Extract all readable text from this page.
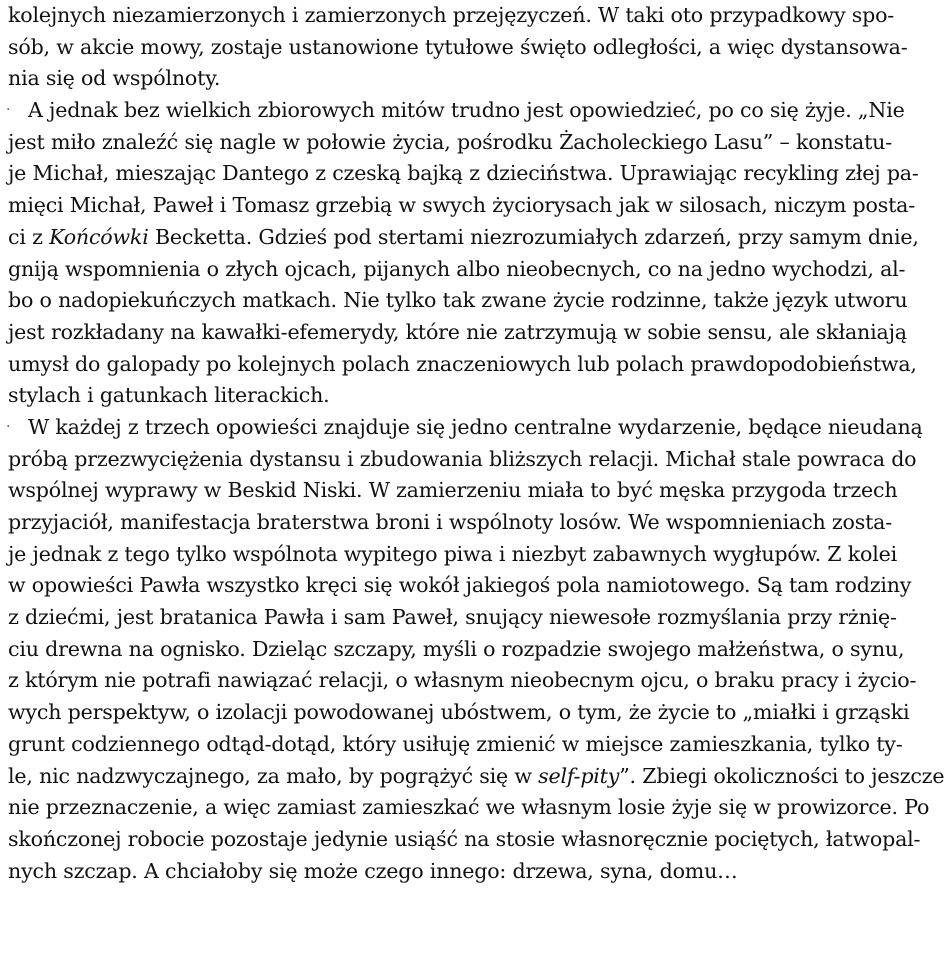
kolejnych niezamierzonych i zamierzonych przejęzyczeń. W taki oto przypadkowy spo-
sób, w akcie mowy, zostaje ustanowione tytułowe święto odległości, a więc dystansowa-
nia się od wspólnoty.
· A jednak bez wielkich zbiorowych mitów trudno jest opowiedzieć, po co się żyje. „Nie
jest miło znaleźć się nagle w połowie życia, pośrodku Żacholeckiego Lasu” – konstatu-
je Michał, mieszając Dantego z czeską bajką z dzieciństwa. Uprawiając recykling złej pa-
mięci Michał, Paweł i Tomasz grzebią w swych życiorysach jak w silosach, niczym posta-
ci z Końcówki Becketta. Gdzieś pod stertami niezrozumiałych zdarzeń, przy samym dnie,
gniją wspomnienia o złych ojcach, pijanych albo nieobecnych, co na jedno wychodzi, al-
bo o nadopiekuńczych matkach. Nie tylko tak zwane życie rodzinne, także język utworu
jest rozkładany na kawałki-efemerydy, które nie zatrzymują w sobie sensu, ale skłaniają
umysł do galopady po kolejnych polach znaczeniowych lub polach prawdopodobieństwa,
stylach i gatunkach literackich.
· W każdej z trzech opowieści znajduje się jedno centralne wydarzenie, będące nieudaną
próbą przezwyciężenia dystansu i zbudowania bliższych relacji. Michał stale powraca do
wspólnej wyprawy w Beskid Niski. W zamierzeniu miała to być męska przygoda trzech
przyjaciół, manifestacja braterstwa broni i wspólnoty losów. We wspomnieniach zosta-
je jednak z tego tylko wspólnota wypitego piwa i niezbyt zabawnych wygłupów. Z kolei
w opowieści Pawła wszystko kręci się wokół jakiegoś pola namiotowego. Są tam rodziny
z dziećmi, jest bratanica Pawła i sam Paweł, snujący niewesołe rozmyślania przy rżnię-
ciu drewna na ognisko. Dzieląc szczapy, myśli o rozpadzie swojego małżeństwa, o synu,
z którym nie potrafi nawiązać relacji, o własnym nieobecnym ojcu, o braku pracy i życio-
wych perspektyw, o izolacji powodowanej ubóstwem, o tym, że życie to „miałki i grząski
grunt codziennego odtąd-dotąd, który usiłuję zmienić w miejsce zamieszkania, tylko ty-
le, nic nadzwyczajnego, za mało, by pogrążyć się w self-pity”. Zbiegi okoliczności to jeszcze
nie przeznaczenie, a więc zamiast zamieszkać we własnym losie żyje się w prowizorce. Po
skończonej robocie pozostaje jedynie usiąść na stosie własnoręcznie pociętych, łatwopal-
nych szczap. A chciałoby się może czego innego: drzewa, syna, domu…
